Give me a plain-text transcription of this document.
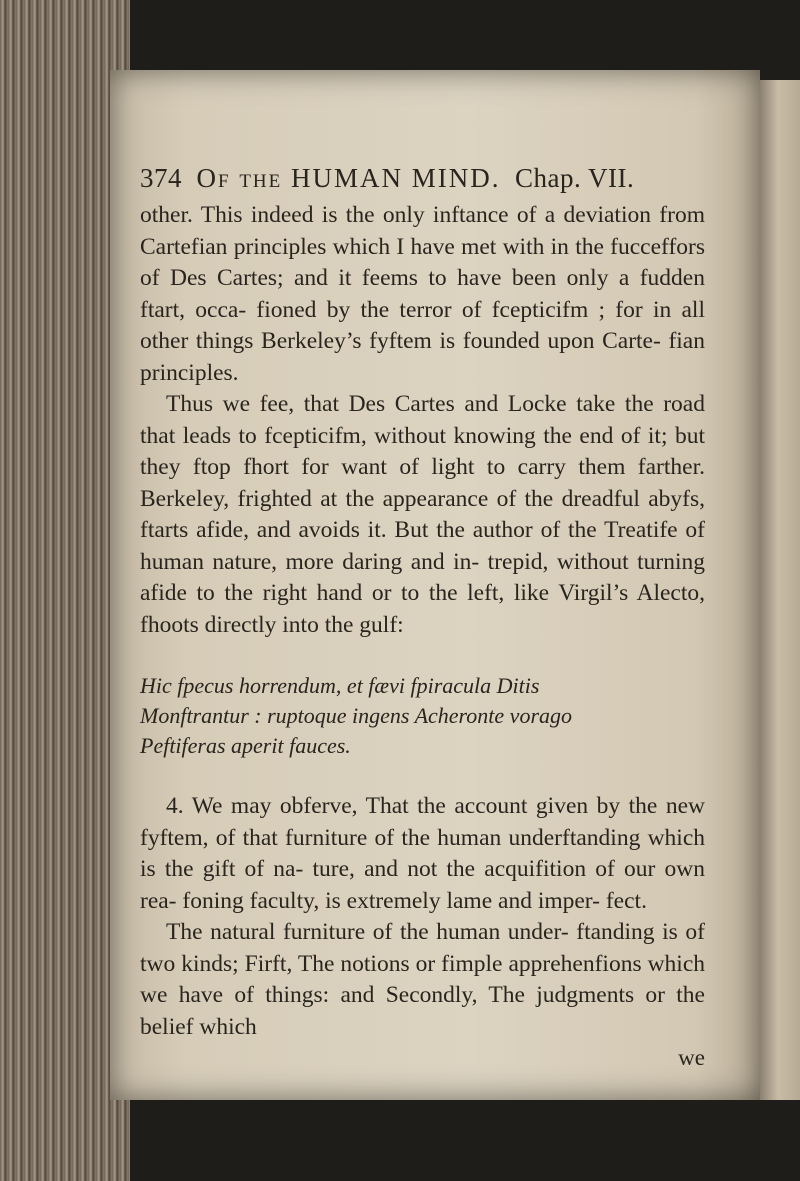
374 Of the HUMAN MIND. Chap. VII.

other. This indeed is the only inftance of a deviation from Cartefian principles which I have met with in the fucceffors of Des Cartes; and it feems to have been only a fudden ftart, occa- fioned by the terror of fcepticifm ; for in all other things Berkeley’s fyftem is founded upon Carte- fian principles.

Thus we fee, that Des Cartes and Locke take the road that leads to fcepticifm, without knowing the end of it; but they ftop fhort for want of light to carry them farther. Berkeley, frighted at the appearance of the dreadful abyfs, ftarts afide, and avoids it. But the author of the Treatife of human nature, more daring and in- trepid, without turning afide to the right hand or to the left, like Virgil’s Alecto, fhoots directly into the gulf:

Hic fpecus horrendum, et fævi fpiracula Ditis
Monftrantur : ruptoque ingens Acheronte vorago
Peftiferas aperit fauces.

4. We may obferve, That the account given by the new fyftem, of that furniture of the human underftanding which is the gift of na- ture, and not the acquifition of our own rea- foning faculty, is extremely lame and imper- fect.

The natural furniture of the human under- ftanding is of two kinds; Firft, The notions or fimple apprehenfions which we have of things: and Secondly, The judgments or the belief which

we
